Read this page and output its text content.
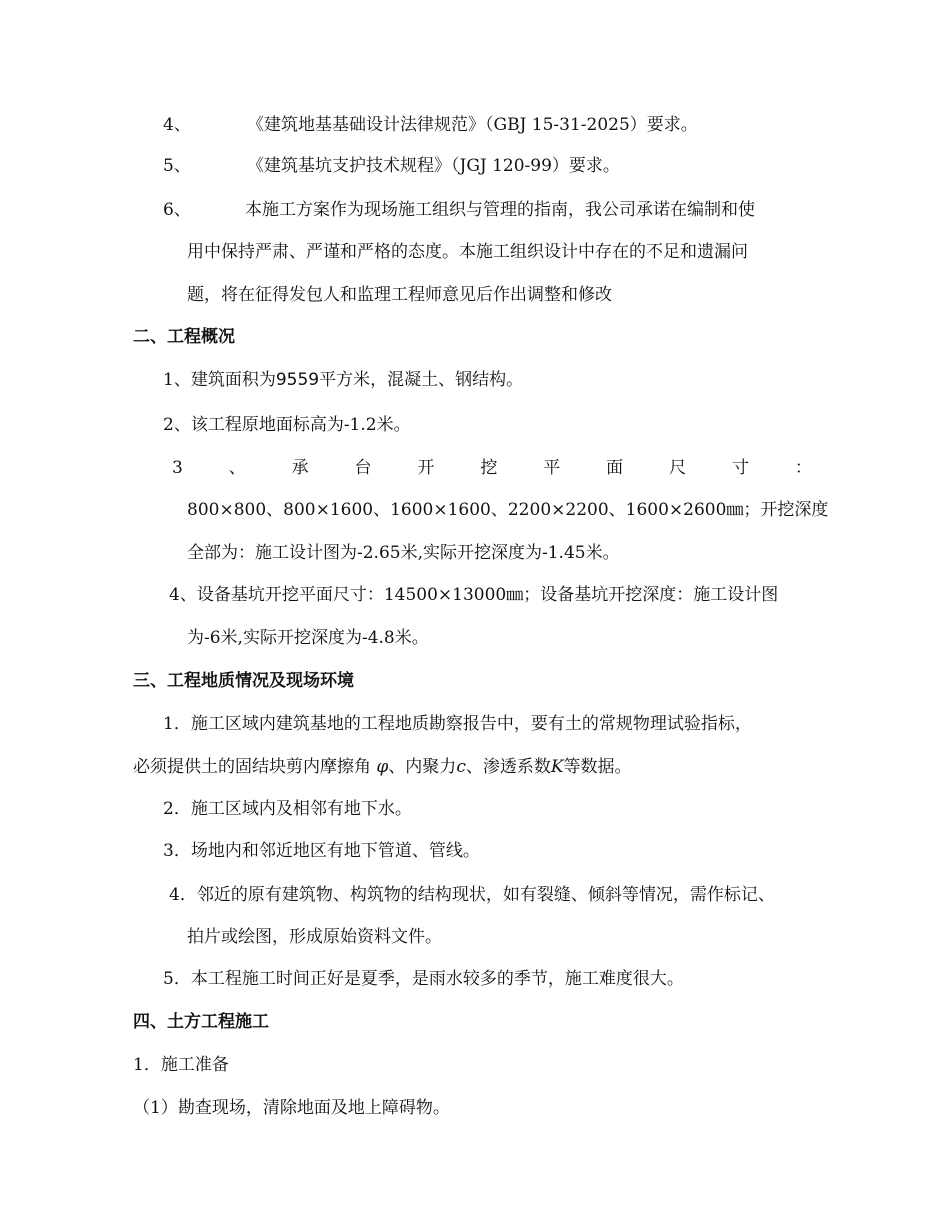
4、	《建筑地基基础设计法律规范》（GBJ 15-31-2025）要求。
5、	《建筑基坑支护技术规程》（JGJ 120-99）要求。
6、	本施工方案作为现场施工组织与管理的指南，我公司承诺在编制和使
用中保持严肃、严谨和严格的态度。本施工组织设计中存在的不足和遗漏问
题，将在征得发包人和监理工程师意见后作出调整和修改
二、工程概况
1、建筑面积为9559平方米，混凝土、钢结构。
2、该工程原地面标高为-1.2米。
3	、	承	台	开	挖	平	面	尺	寸	：
800×800、800×1600、1600×1600、2200×2200、1600×2600㎜；开挖深度
全部为：施工设计图为-2.65米,实际开挖深度为-1.45米。
4、设备基坑开挖平面尺寸：14500×13000㎜；设备基坑开挖深度：施工设计图
为-6米,实际开挖深度为-4.8米。
三、工程地质情况及现场环境
1．施工区域内建筑基地的工程地质勘察报告中，要有土的常规物理试验指标，
必须提供土的固结块剪内摩擦角 φ、内聚力c、渗透系数K等数据。
2．施工区域内及相邻有地下水。
3．场地内和邻近地区有地下管道、管线。
4．邻近的原有建筑物、构筑物的结构现状，如有裂缝、倾斜等情况，需作标记、
拍片或绘图，形成原始资料文件。
5．本工程施工时间正好是夏季，是雨水较多的季节，施工难度很大。
四、土方工程施工
1．施工准备
（1）勘查现场，清除地面及地上障碍物。
